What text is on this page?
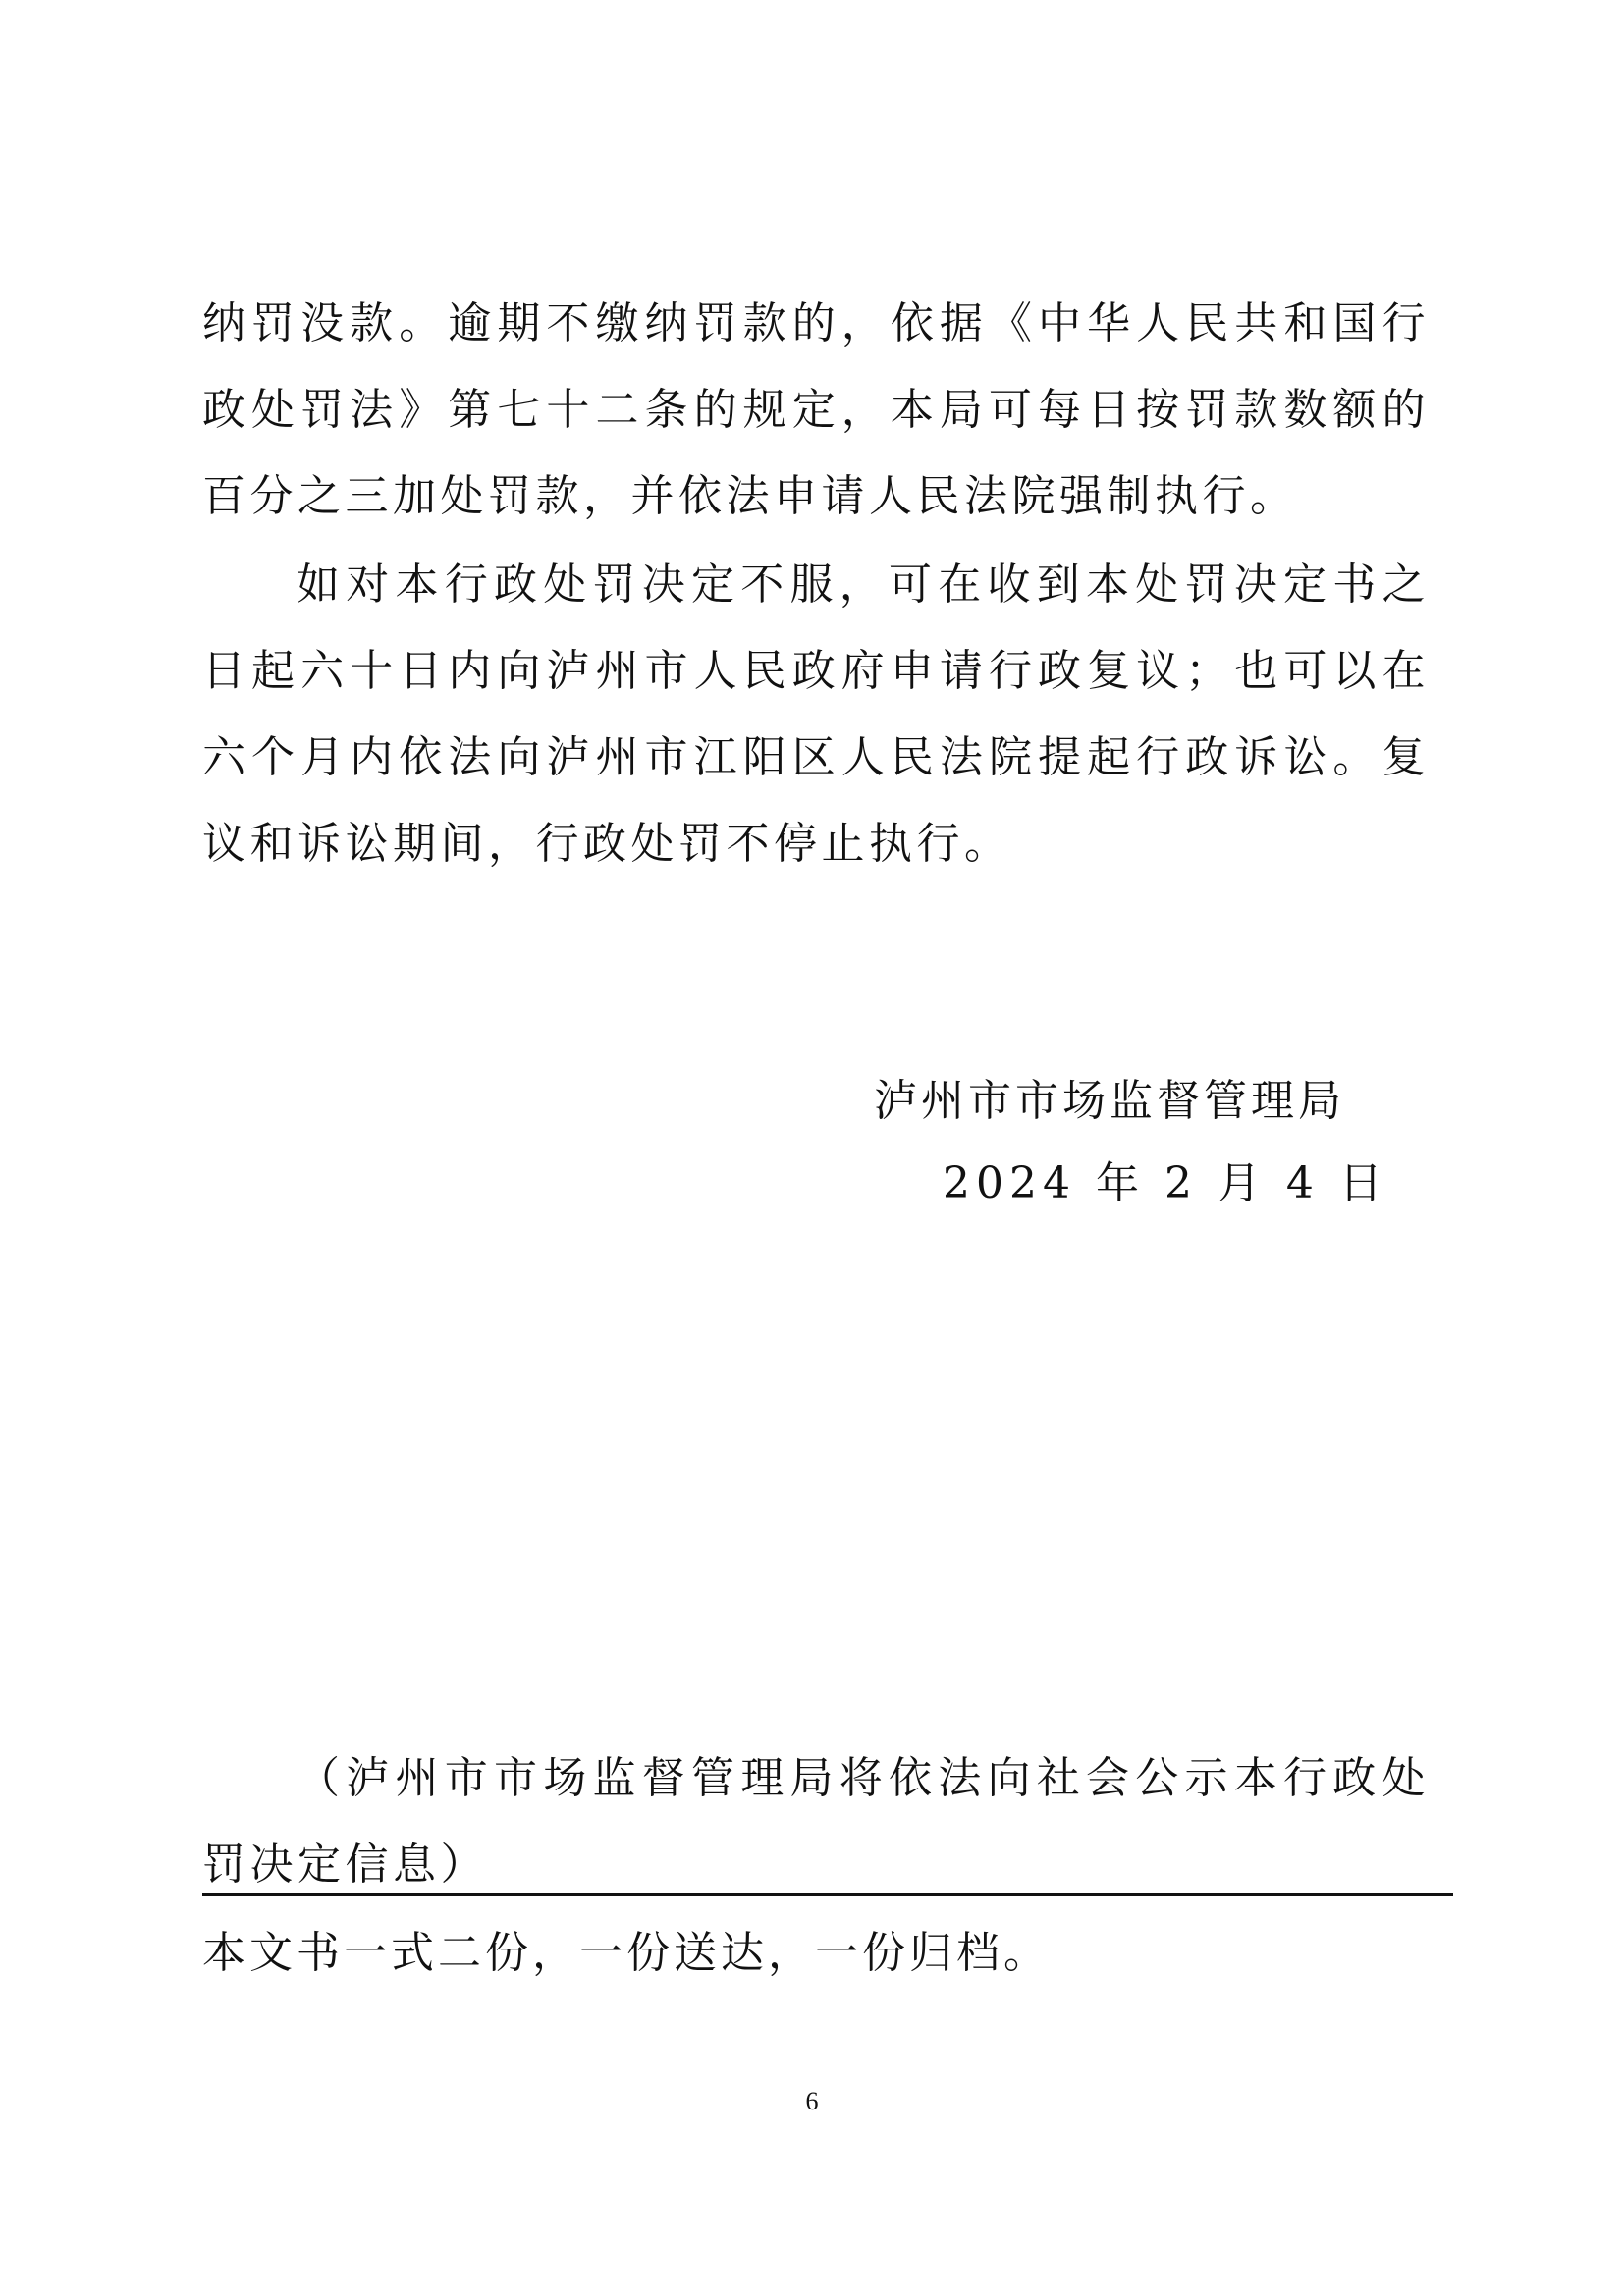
纳罚没款。逾期不缴纳罚款的，依据《中华人民共和国行政处罚法》第七十二条的规定，本局可每日按罚款数额的百分之三加处罚款，并依法申请人民法院强制执行。

如对本行政处罚决定不服，可在收到本处罚决定书之日起六十日内向泸州市人民政府申请行政复议；也可以在六个月内依法向泸州市江阳区人民法院提起行政诉讼。复议和诉讼期间，行政处罚不停止执行。

泸州市市场监督管理局
2024 年 2 月 4 日

（泸州市市场监督管理局将依法向社会公示本行政处罚决定信息）

本文书一式二份，一份送达，一份归档。
6
